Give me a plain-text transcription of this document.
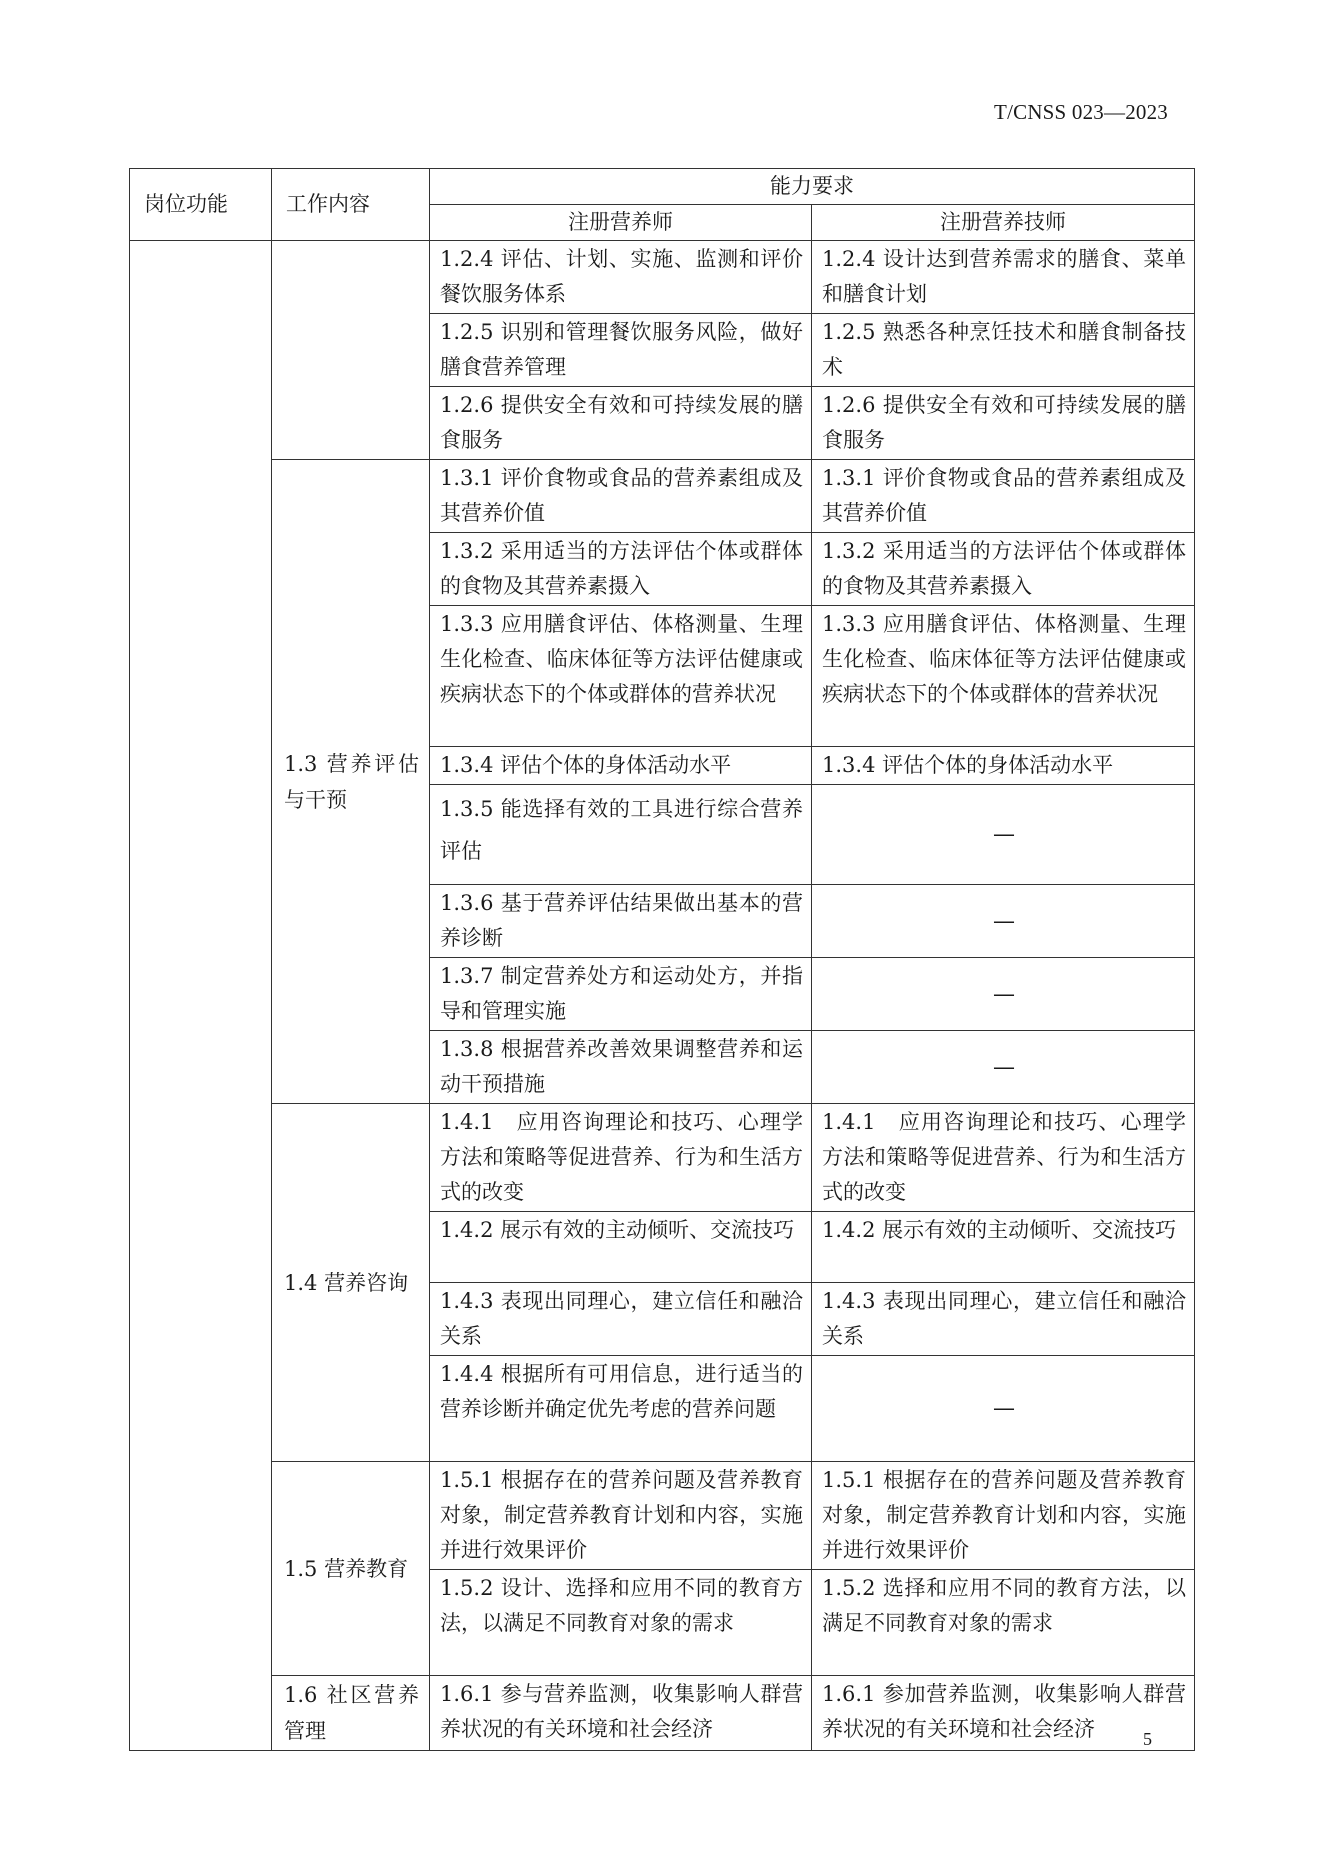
T/CNSS 023—2023
岗位功能	工作内容	能力要求	
		注册营养师	注册营养技师
		1.2.4 评估、计划、实施、监测和评价餐饮服务体系	1.2.4 设计达到营养需求的膳食、菜单和膳食计划
		1.2.5 识别和管理餐饮服务风险，做好膳食营养管理	1.2.5 熟悉各种烹饪技术和膳食制备技术
		1.2.6 提供安全有效和可持续发展的膳食服务	1.2.6 提供安全有效和可持续发展的膳食服务
	1.3 营养评估与干预	1.3.1 评价食物或食品的营养素组成及其营养价值	1.3.1 评价食物或食品的营养素组成及其营养价值
		1.3.2 采用适当的方法评估个体或群体的食物及其营养素摄入	1.3.2 采用适当的方法评估个体或群体的食物及其营养素摄入
		1.3.3 应用膳食评估、体格测量、生理生化检查、临床体征等方法评估健康或疾病状态下的个体或群体的营养状况	1.3.3 应用膳食评估、体格测量、生理生化检查、临床体征等方法评估健康或疾病状态下的个体或群体的营养状况
		1.3.4 评估个体的身体活动水平	1.3.4 评估个体的身体活动水平
		1.3.5 能选择有效的工具进行综合营养评估	—
		1.3.6 基于营养评估结果做出基本的营养诊断	—
		1.3.7 制定营养处方和运动处方，并指导和管理实施	—
		1.3.8 根据营养改善效果调整营养和运动干预措施	—
	1.4 营养咨询	1.4.1　应用咨询理论和技巧、心理学方法和策略等促进营养、行为和生活方式的改变	1.4.1　应用咨询理论和技巧、心理学方法和策略等促进营养、行为和生活方式的改变
		1.4.2 展示有效的主动倾听、交流技巧	1.4.2 展示有效的主动倾听、交流技巧
		1.4.3 表现出同理心，建立信任和融洽关系	1.4.3 表现出同理心，建立信任和融洽关系
		1.4.4 根据所有可用信息，进行适当的营养诊断并确定优先考虑的营养问题	—
	1.5 营养教育	1.5.1 根据存在的营养问题及营养教育对象，制定营养教育计划和内容，实施并进行效果评价	1.5.1 根据存在的营养问题及营养教育对象，制定营养教育计划和内容，实施并进行效果评价
		1.5.2 设计、选择和应用不同的教育方法，以满足不同教育对象的需求	1.5.2 选择和应用不同的教育方法，以满足不同教育对象的需求
	1.6 社区营养管理	1.6.1 参与营养监测，收集影响人群营养状况的有关环境和社会经济	1.6.1 参加营养监测，收集影响人群营养状况的有关环境和社会经济	5
